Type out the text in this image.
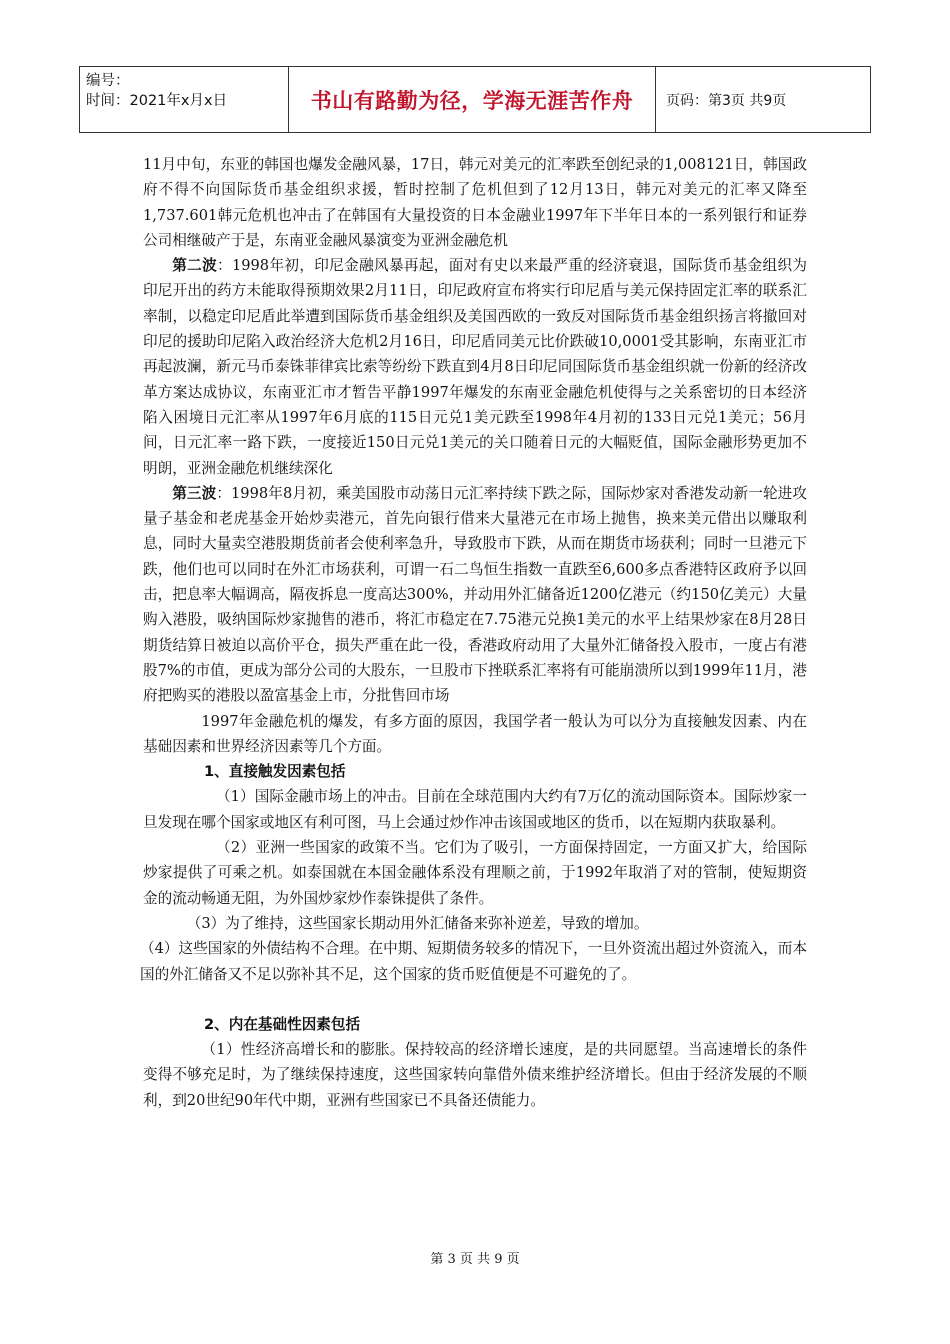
编号：
时间：2021年x月x日	书山有路勤为径，学海无涯苦作舟	页码：第3页 共9页

11月中旬，东亚的韩国也爆发金融风暴，17日，韩元对美元的汇率跌至创纪录的1,008121日，韩国政府不得不向国际货币基金组织求援，暂时控制了危机但到了12月13日，韩元对美元的汇率又降至1,737.601韩元危机也冲击了在韩国有大量投资的日本金融业1997年下半年日本的一系列银行和证券公司相继破产于是，东南亚金融风暴演变为亚洲金融危机

第二波：1998年初，印尼金融风暴再起，面对有史以来最严重的经济衰退，国际货币基金组织为印尼开出的药方未能取得预期效果2月11日，印尼政府宣布将实行印尼盾与美元保持固定汇率的联系汇率制，以稳定印尼盾此举遭到国际货币基金组织及美国西欧的一致反对国际货币基金组织扬言将撤回对印尼的援助印尼陷入政治经济大危机2月16日，印尼盾同美元比价跌破10,0001受其影响，东南亚汇市再起波澜，新元马币泰铢菲律宾比索等纷纷下跌直到4月8日印尼同国际货币基金组织就一份新的经济改革方案达成协议，东南亚汇市才暂告平静1997年爆发的东南亚金融危机使得与之关系密切的日本经济陷入困境日元汇率从1997年6月底的115日元兑1美元跌至1998年4月初的133日元兑1美元；56月间，日元汇率一路下跌，一度接近150日元兑1美元的关口随着日元的大幅贬值，国际金融形势更加不明朗，亚洲金融危机继续深化

第三波：1998年8月初，乘美国股市动荡日元汇率持续下跌之际，国际炒家对香港发动新一轮进攻量子基金和老虎基金开始炒卖港元，首先向银行借来大量港元在市场上抛售，换来美元借出以赚取利息，同时大量卖空港股期货前者会使利率急升，导致股市下跌，从而在期货市场获利；同时一旦港元下跌，他们也可以同时在外汇市场获利，可谓一石二鸟恒生指数一直跌至6,600多点香港特区政府予以回击，把息率大幅调高，隔夜拆息一度高达300%，并动用外汇储备近1200亿港元（约150亿美元）大量购入港股，吸纳国际炒家抛售的港币，将汇市稳定在7.75港元兑换1美元的水平上结果炒家在8月28日期货结算日被迫以高价平仓，损失严重在此一役，香港政府动用了大量外汇储备投入股市，一度占有港股7%的市值，更成为部分公司的大股东，一旦股市下挫联系汇率将有可能崩溃所以到1999年11月，港府把购买的港股以盈富基金上市，分批售回市场

1997年金融危机的爆发，有多方面的原因，我国学者一般认为可以分为直接触发因素、内在基础因素和世界经济因素等几个方面。

1、直接触发因素包括

（1）国际金融市场上的冲击。目前在全球范围内大约有7万亿的流动国际资本。国际炒家一旦发现在哪个国家或地区有利可图，马上会通过炒作冲击该国或地区的货币，以在短期内获取暴利。

（2）亚洲一些国家的政策不当。它们为了吸引，一方面保持固定，一方面又扩大，给国际炒家提供了可乘之机。如泰国就在本国金融体系没有理顺之前，于1992年取消了对的管制，使短期资金的流动畅通无阻，为外国炒家炒作泰铢提供了条件。

（3）为了维持，这些国家长期动用外汇储备来弥补逆差，导致的增加。

（4）这些国家的外债结构不合理。在中期、短期债务较多的情况下，一旦外资流出超过外资流入，而本国的外汇储备又不足以弥补其不足，这个国家的货币贬值便是不可避免的了。

2、内在基础性因素包括

（1）性经济高增长和的膨胀。保持较高的经济增长速度，是的共同愿望。当高速增长的条件变得不够充足时，为了继续保持速度，这些国家转向靠借外债来维护经济增长。但由于经济发展的不顺利，到20世纪90年代中期，亚洲有些国家已不具备还债能力。

第 3 页 共 9 页
